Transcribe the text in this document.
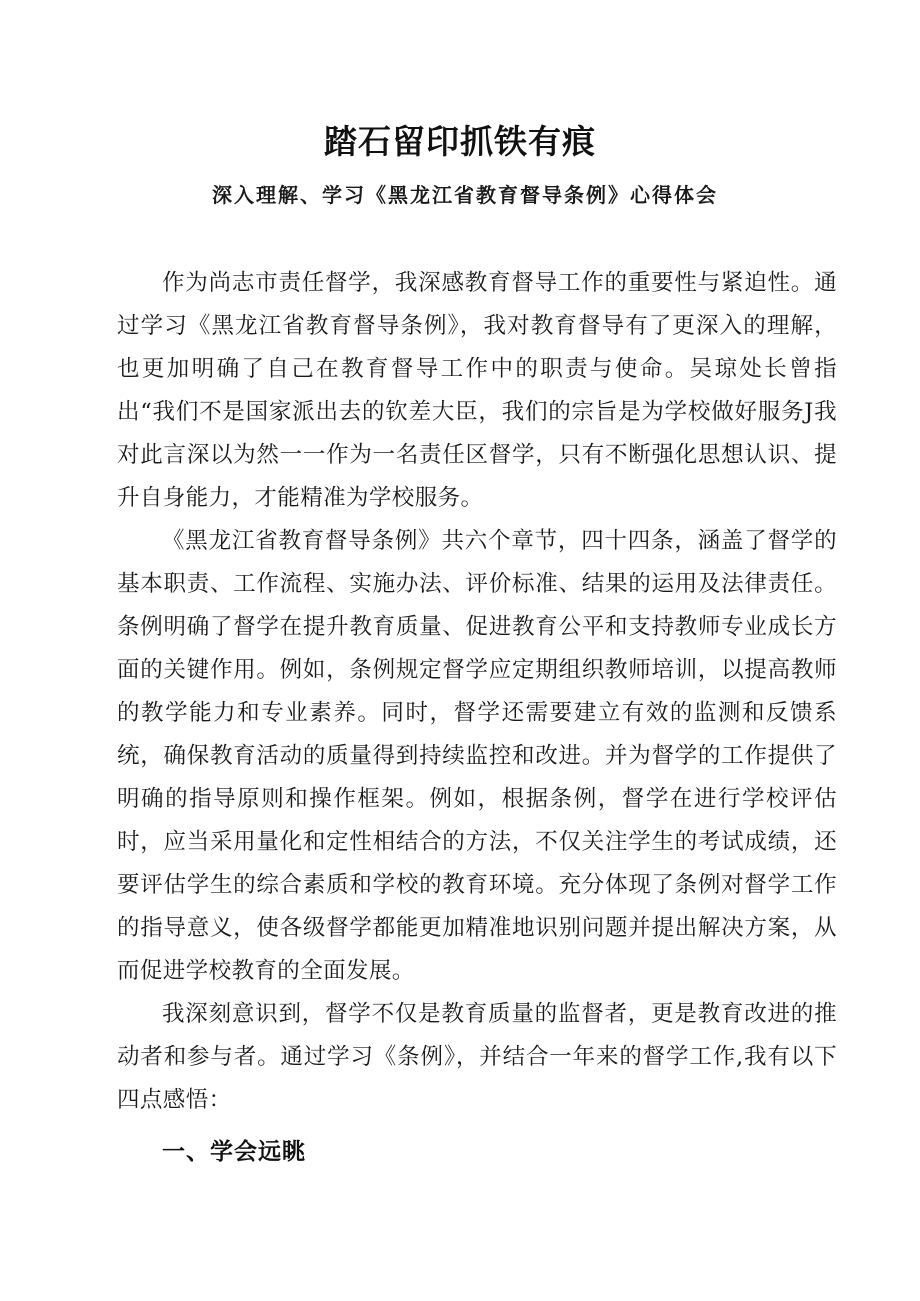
踏石留印抓铁有痕
深入理解、学习《黑龙江省教育督导条例》心得体会

作为尚志市责任督学，我深感教育督导工作的重要性与紧迫性。通过学习《黑龙江省教育督导条例》，我对教育督导有了更深入的理解，也更加明确了自己在教育督导工作中的职责与使命。吴琼处长曾指出“我们不是国家派出去的钦差大臣，我们的宗旨是为学校做好服务J我对此言深以为然一一作为一名责任区督学，只有不断强化思想认识、提升自身能力，才能精准为学校服务。

《黑龙江省教育督导条例》共六个章节，四十四条，涵盖了督学的基本职责、工作流程、实施办法、评价标准、结果的运用及法律责任。条例明确了督学在提升教育质量、促进教育公平和支持教师专业成长方面的关键作用。例如，条例规定督学应定期组织教师培训，以提高教师的教学能力和专业素养。同时，督学还需要建立有效的监测和反馈系统，确保教育活动的质量得到持续监控和改进。并为督学的工作提供了明确的指导原则和操作框架。例如，根据条例，督学在进行学校评估时，应当采用量化和定性相结合的方法，不仅关注学生的考试成绩，还要评估学生的综合素质和学校的教育环境。充分体现了条例对督学工作的指导意义，使各级督学都能更加精准地识别问题并提出解决方案，从而促进学校教育的全面发展。

我深刻意识到，督学不仅是教育质量的监督者，更是教育改进的推动者和参与者。通过学习《条例》，并结合一年来的督学工作,我有以下四点感悟：

一、学会远眺
